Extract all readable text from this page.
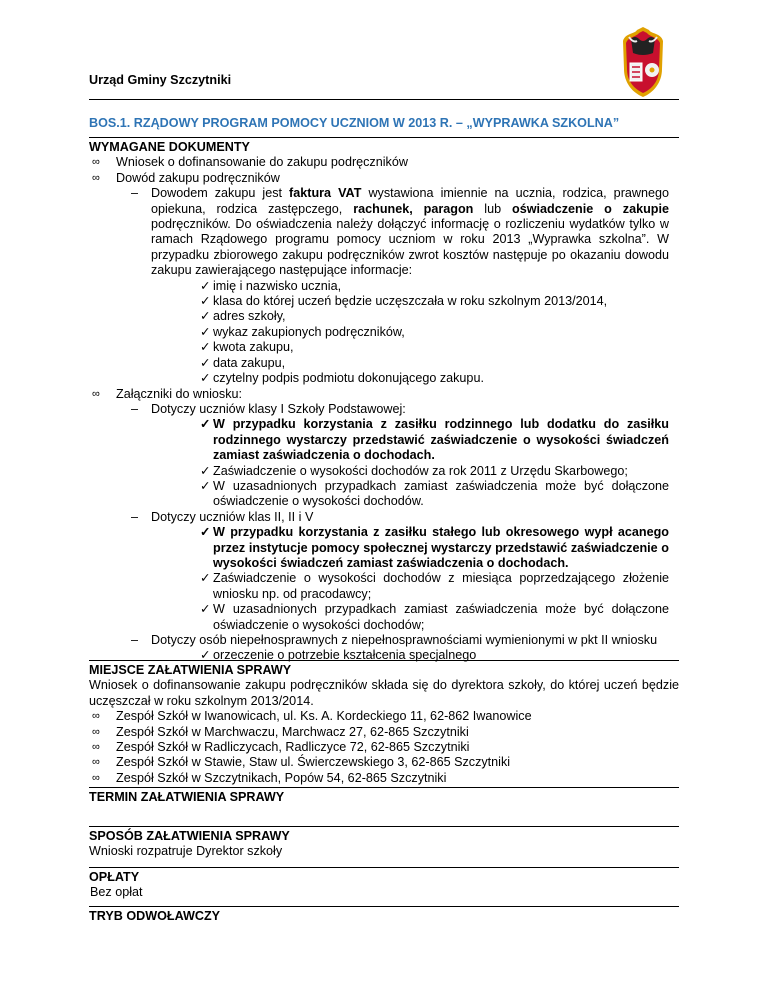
Urząd Gminy Szczytniki
BOS.1. RZĄDOWY PROGRAM POMOCY UCZNIOM W 2013 R. – „WYPRAWKA SZKOLNA”
WYMAGANE DOKUMENTY
∞ Wniosek o dofinansowanie do zakupu podręczników
∞ Dowód zakupu podręczników
– Dowodem zakupu jest faktura VAT wystawiona imiennie na ucznia, rodzica, prawnego opiekuna, rodzica zastępczego, rachunek, paragon lub oświadczenie o zakupie podręczników. Do oświadczenia należy dołączyć informację o rozliczeniu wydatków tylko w ramach Rządowego programu pomocy uczniom w roku 2013 „Wyprawka szkolna”. W przypadku zbiorowego zakupu podręczników zwrot kosztów następuje po okazaniu dowodu zakupu zawierającego następujące informacje:
✓ imię i nazwisko ucznia,
✓ klasa do której uczeń będzie uczęszczała w roku szkolnym 2013/2014,
✓ adres szkoły,
✓ wykaz zakupionych podręczników,
✓ kwota zakupu,
✓ data zakupu,
✓ czytelny podpis podmiotu dokonującego zakupu.
∞ Załączniki do wniosku:
– Dotyczy uczniów klasy I Szkoły Podstawowej:
✓ W przypadku korzystania z zasiłku rodzinnego lub dodatku do zasiłku rodzinnego wystarczy przedstawić zaświadczenie o wysokości świadczeń zamiast zaświadczenia o dochodach.
✓ Zaświadczenie o wysokości dochodów za rok 2011 z Urzędu Skarbowego;
✓ W uzasadnionych przypadkach zamiast zaświadczenia może być dołączone oświadczenie o wysokości dochodów.
– Dotyczy uczniów klas II, II i V
✓ W przypadku korzystania z zasiłku stałego lub okresowego wypł acanego przez instytucje pomocy społecznej wystarczy przedstawić zaświadczenie o wysokości świadczeń zamiast zaświadczenia o dochodach.
✓ Zaświadczenie o wysokości dochodów z miesiąca poprzedzającego złożenie wniosku np. od pracodawcy;
✓ W uzasadnionych przypadkach zamiast zaświadczenia może być dołączone oświadczenie o wysokości dochodów;
– Dotyczy osób niepełnosprawnych z niepełnosprawnościami wymienionymi w pkt II wniosku
✓ orzeczenie o potrzebie kształcenia specjalnego
MIEJSCE ZAŁATWIENIA SPRAWY
Wniosek o dofinansowanie zakupu podręczników składa się do dyrektora szkoły, do której uczeń będzie uczęszczał w roku szkolnym 2013/2014.
∞ Zespół Szkół w Iwanowicach, ul. Ks. A. Kordeckiego 11, 62-862 Iwanowice
∞ Zespół Szkół w Marchwaczu, Marchwacz 27, 62-865 Szczytniki
∞ Zespół Szkół w Radliczycach, Radliczyce 72, 62-865 Szczytniki
∞ Zespół Szkół w Stawie, Staw ul. Świerczewskiego 3, 62-865 Szczytniki
∞ Zespół Szkół w Szczytnikach, Popów 54, 62-865 Szczytniki
TERMIN ZAŁATWIENIA SPRAWY
SPOSÓB ZAŁATWIENIA SPRAWY
Wnioski rozpatruje Dyrektor szkoły
OPŁATY
Bez opłat
TRYB ODWOŁAWCZY
